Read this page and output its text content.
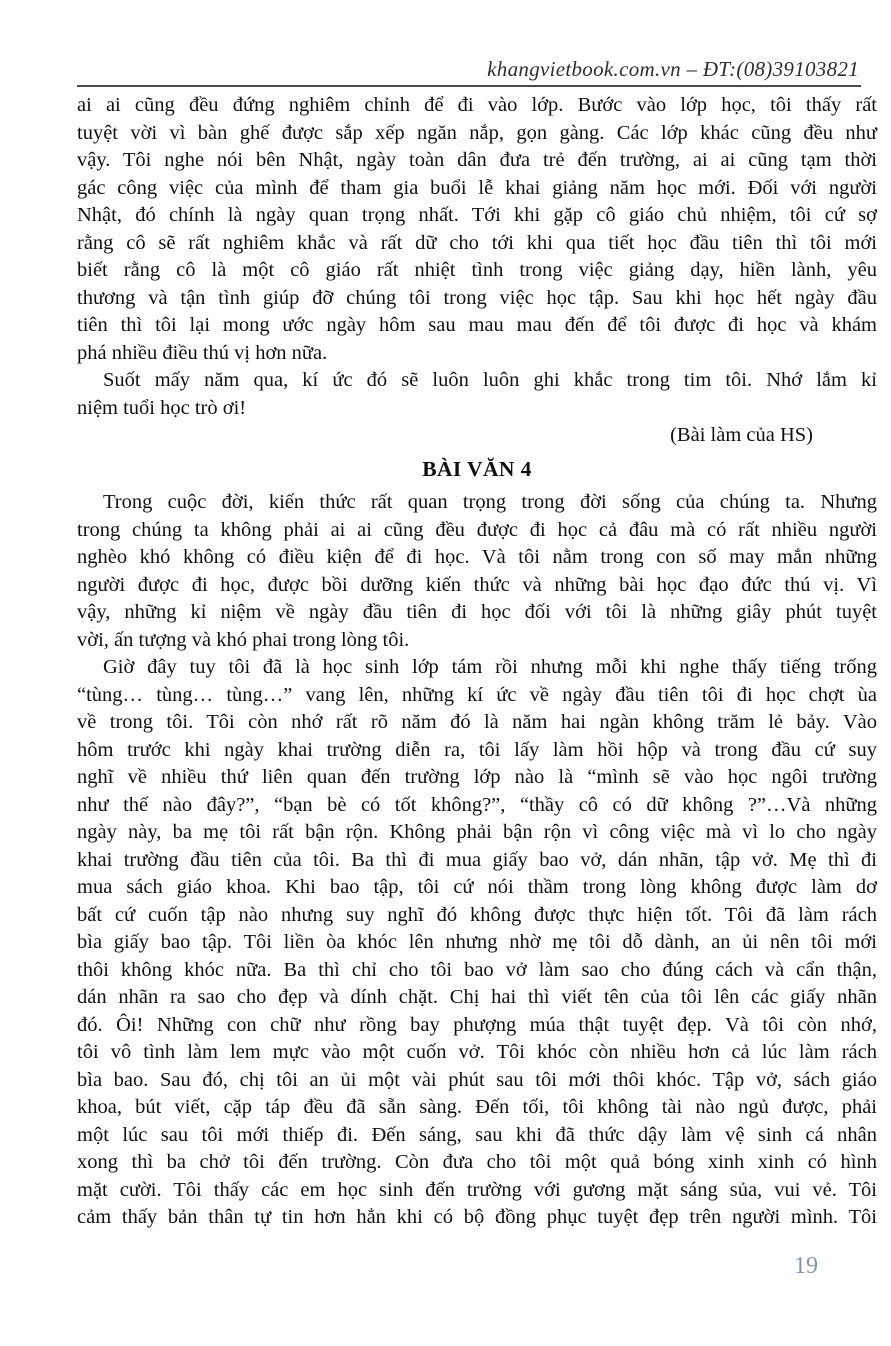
khangvietbook.com.vn – ĐT:(08)39103821
ai ai cũng đều đứng nghiêm chỉnh để đi vào lớp. Bước vào lớp học, tôi thấy rất
tuyệt vời vì bàn ghế được sắp xếp ngăn nắp, gọn gàng. Các lớp khác cũng đều như
vậy. Tôi nghe nói bên Nhật, ngày toàn dân đưa trẻ đến trường, ai ai cũng tạm thời
gác công việc của mình để tham gia buổi lễ khai giảng năm học mới. Đối với người
Nhật, đó chính là ngày quan trọng nhất. Tới khi gặp cô giáo chủ nhiệm, tôi cứ sợ
rằng cô sẽ rất nghiêm khắc và rất dữ cho tới khi qua tiết học đầu tiên thì tôi mới
biết rằng cô là một cô giáo rất nhiệt tình trong việc giảng dạy, hiền lành, yêu
thương và tận tình giúp đỡ chúng tôi trong việc học tập. Sau khi học hết ngày đầu
tiên thì tôi lại mong ước ngày hôm sau mau mau đến để tôi được đi học và khám
phá nhiều điều thú vị hơn nữa.
Suốt mấy năm qua, kí ức đó sẽ luôn luôn ghi khắc trong tim tôi. Nhớ lắm kỉ
niệm tuổi học trò ơi!
(Bài làm của HS)
BÀI VĂN 4
Trong cuộc đời, kiến thức rất quan trọng trong đời sống của chúng ta. Nhưng
trong chúng ta không phải ai ai cũng đều được đi học cả đâu mà có rất nhiều người
nghèo khó không có điều kiện để đi học. Và tôi nằm trong con số may mắn những
người được đi học, được bồi dưỡng kiến thức và những bài học đạo đức thú vị. Vì
vậy, những kỉ niệm về ngày đầu tiên đi học đối với tôi là những giây phút tuyệt
vời, ấn tượng và khó phai trong lòng tôi.
Giờ đây tuy tôi đã là học sinh lớp tám rồi nhưng mỗi khi nghe thấy tiếng trống
“tùng… tùng… tùng…” vang lên, những kí ức về ngày đầu tiên tôi đi học chợt ùa
về trong tôi. Tôi còn nhớ rất rõ năm đó là năm hai ngàn không trăm lẻ bảy. Vào
hôm trước khi ngày khai trường diễn ra, tôi lấy làm hồi hộp và trong đầu cứ suy
nghĩ về nhiều thứ liên quan đến trường lớp nào là “mình sẽ vào học ngôi trường
như thế nào đây?”, “bạn bè có tốt không?”, “thầy cô có dữ không ?”…Và những
ngày này, ba mẹ tôi rất bận rộn. Không phải bận rộn vì công việc mà vì lo cho ngày
khai trường đầu tiên của tôi. Ba thì đi mua giấy bao vở, dán nhãn, tập vở. Mẹ thì đi
mua sách giáo khoa. Khi bao tập, tôi cứ nói thầm trong lòng không được làm dơ
bất cứ cuốn tập nào nhưng suy nghĩ đó không được thực hiện tốt. Tôi đã làm rách
bìa giấy bao tập. Tôi liền òa khóc lên nhưng nhờ mẹ tôi dỗ dành, an ủi nên tôi mới
thôi không khóc nữa. Ba thì chỉ cho tôi bao vở làm sao cho đúng cách và cẩn thận,
dán nhãn ra sao cho đẹp và dính chặt. Chị hai thì viết tên của tôi lên các giấy nhãn
đó. Ôi! Những con chữ như rồng bay phượng múa thật tuyệt đẹp. Và tôi còn nhớ,
tôi vô tình làm lem mực vào một cuốn vở. Tôi khóc còn nhiều hơn cả lúc làm rách
bìa bao. Sau đó, chị tôi an ủi một vài phút sau tôi mới thôi khóc. Tập vở, sách giáo
khoa, bút viết, cặp táp đều đã sẵn sàng. Đến tối, tôi không tài nào ngủ được, phải
một lúc sau tôi mới thiếp đi. Đến sáng, sau khi đã thức dậy làm vệ sinh cá nhân
xong thì ba chở tôi đến trường. Còn đưa cho tôi một quả bóng xinh xinh có hình
mặt cười. Tôi thấy các em học sinh đến trường với gương mặt sáng sủa, vui vẻ. Tôi
cảm thấy bản thân tự tin hơn hẳn khi có bộ đồng phục tuyệt đẹp trên người mình. Tôi
19
